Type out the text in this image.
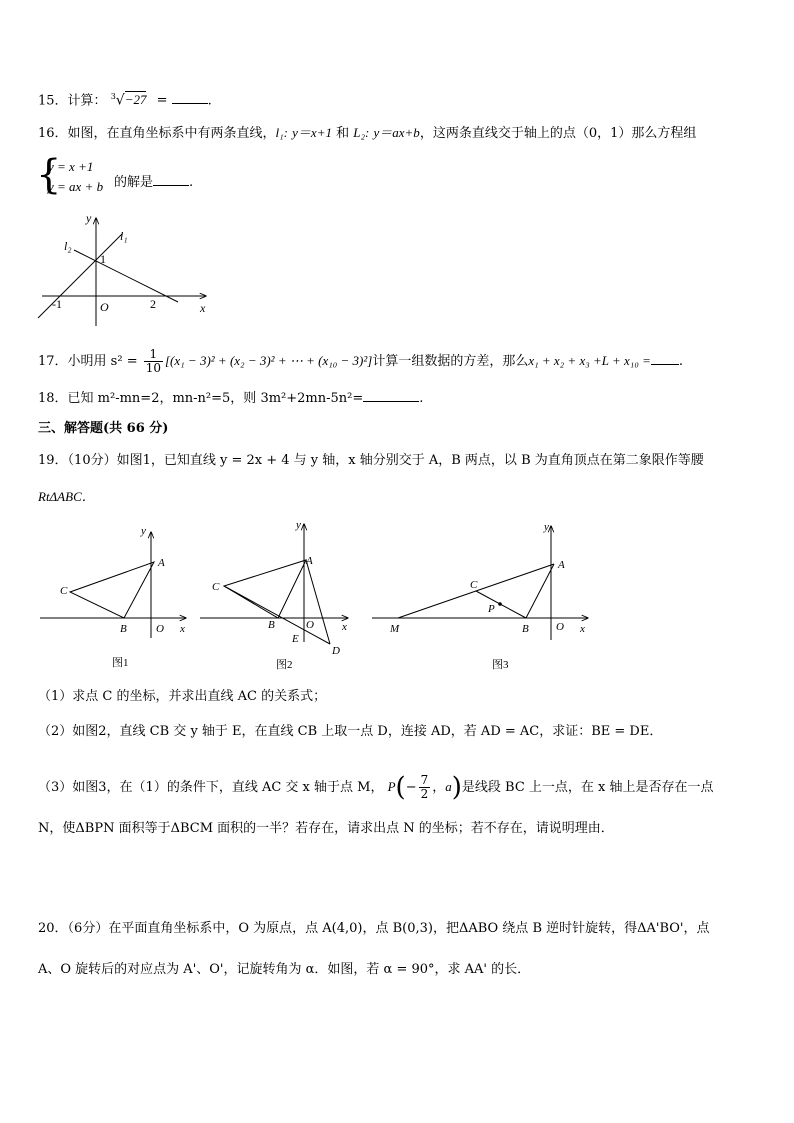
15．计算： $^3$√−27 =	.
16．如图，在直角坐标系中有两条直线，l₁: y＝x+1 和 L₂: y＝ax+b，这两条直线交于轴上的点（0，1）那么方程组
{
y = x +1
y = ax + b 的解是	.
l₂
l₁
y
x
1
-1	O	2
17．小明用 $s^2 = \frac{1}{10} [(x_1 - 3)^2 + (x_2 - 3)^2$ + ⋯ + (x₁₀ − 3)²]计算一组数据的方差，那么x₁ + x₂ + x₃ +L + x₁₀ = .
18．已知 m²-mn=2，mn-n²=5，则 3m²+2mn-5n²=	.
三、解答题(共 66 分)
19．（10分）如图1，已知直线 y = 2x + 4 与 y 轴，x 轴分别交于 A，B 两点，以 B 为直角顶点在第二象限作等腰
RtΔABC．
y
A
C
B	O x
图1
y
A
C
B	O
E
D
x
图2
y
A
C
P
M	B O x
图3
（1）求点 C 的坐标，并求出直线 AC 的关系式；
（2）如图2，直线 CB 交 y 轴于 E，在直线 CB 上取一点 D，连接 AD，若 AD = AC，求证：BE = DE．
（3）如图3，在（1）的条件下，直线 AC 交 x 轴于点 M， $P(- \frac{7}{2}$ ，a)是线段 BC 上一点，在 x 轴上是否存在一点
N，使ΔBPN 面积等于ΔBCM 面积的一半？若存在，请求出点 N 的坐标；若不存在，请说明理由．
20．（6分）在平面直角坐标系中，O 为原点，点 A(4,0)，点 B(0,3)，把ΔABO 绕点 B 逆时针旋转，得ΔA'BO'，点
A、O 旋转后的对应点为 A'、O'，记旋转角为 α．如图，若 α = 90°，求 AA' 的长．
